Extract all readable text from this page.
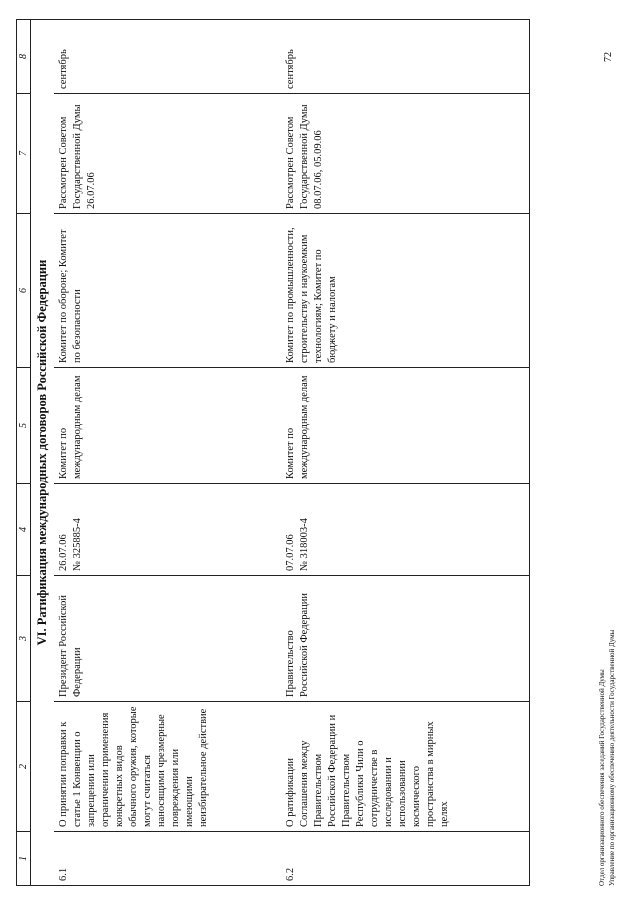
1	2	3	4	5	6	7	8
VI. Ратификация международных договоров Российской Федерации							
6.1	О принятии поправки к статье 1 Конвенции о запрещении или ограничении применения конкретных видов обычного оружия, которые могут считаться наносящими чрезмерные повреждения или имеющими неизбирательное действие	Президент Российской Федерации	26.07.06 № 325885-4	Комитет по международным делам	Комитет по обороне; Комитет по безопасности	Рассмотрен Советом Государственной Думы 26.07.06	сентябрь
6.2	О ратификации Соглашения между Правительством Российской Федерации и Правительством Республики Чили о сотрудничестве в исследовании и использовании космического пространства в мирных целях	Правительство Российской Федерации	07.07.06 № 318003-4	Комитет по международным делам	Комитет по промышленности, строительству и наукоемким технологиям; Комитет по бюджету и налогам	Рассмотрен Советом Государственной Думы 08.07.06, 05.09.06	сентябрь
Отдел организационного обеспечения заседаний Государственной Думы Управление по организационному обеспечению деятельности Государственной Думы
72
